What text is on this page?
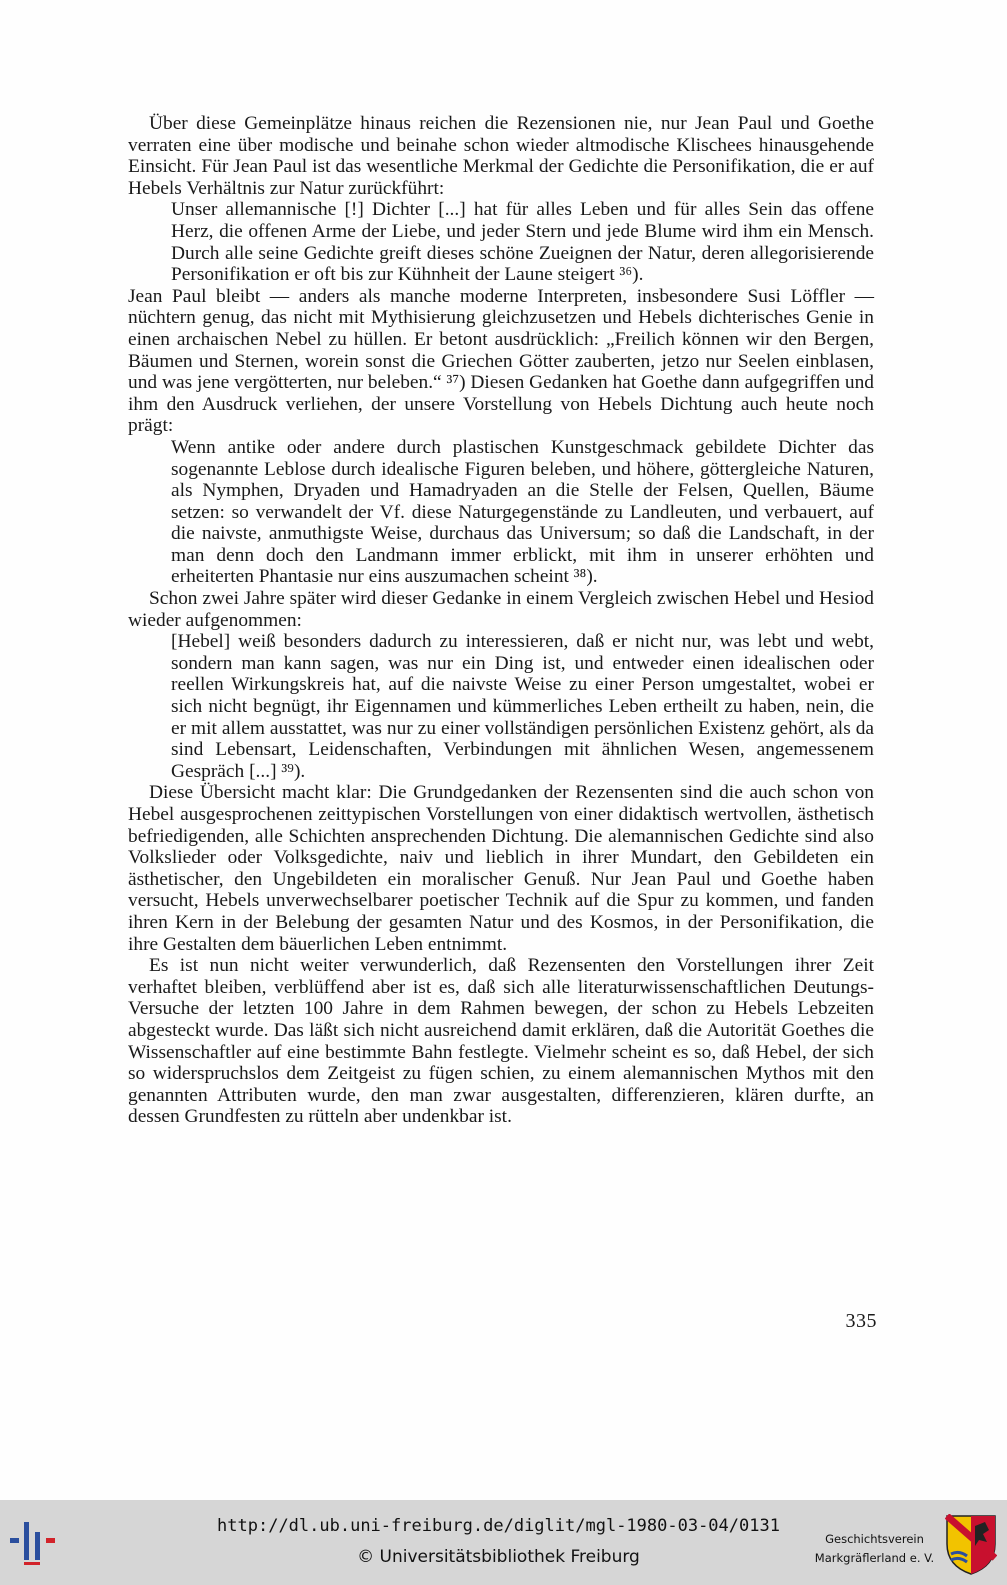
Über diese Gemeinplätze hinaus reichen die Rezensionen nie, nur Jean Paul und Goethe verraten eine über modische und beinahe schon wieder altmodische Klischees hinausgehende Einsicht. Für Jean Paul ist das wesentliche Merkmal der Gedichte die Personifikation, die er auf Hebels Verhältnis zur Natur zurückführt:

Unser allemannische [!] Dichter [...] hat für alles Leben und für alles Sein das offene Herz, die offenen Arme der Liebe, und jeder Stern und jede Blume wird ihm ein Mensch. Durch alle seine Gedichte greift dieses schöne Zueignen der Natur, deren allegorisierende Personifikation er oft bis zur Kühnheit der Laune steigert ³⁶).

Jean Paul bleibt — anders als manche moderne Interpreten, insbesondere Susi Löffler — nüchtern genug, das nicht mit Mythisierung gleichzusetzen und Hebels dichterisches Genie in einen archaischen Nebel zu hüllen. Er betont ausdrücklich: „Freilich können wir den Bergen, Bäumen und Sternen, worein sonst die Griechen Götter zauberten, jetzo nur Seelen einblasen, und was jene vergötterten, nur beleben.“ ³⁷) Diesen Gedanken hat Goethe dann aufgegriffen und ihm den Ausdruck verliehen, der unsere Vorstellung von Hebels Dichtung auch heute noch prägt:

Wenn antike oder andere durch plastischen Kunstgeschmack gebildete Dichter das sogenannte Leblose durch idealische Figuren beleben, und höhere, göttergleiche Naturen, als Nymphen, Dryaden und Hamadryaden an die Stelle der Felsen, Quellen, Bäume setzen: so verwandelt der Vf. diese Naturgegenstände zu Landleuten, und verbauert, auf die naivste, anmuthigste Weise, durchaus das Universum; so daß die Landschaft, in der man denn doch den Landmann immer erblickt, mit ihm in unserer erhöhten und erheiterten Phantasie nur eins auszumachen scheint ³⁸).

Schon zwei Jahre später wird dieser Gedanke in einem Vergleich zwischen Hebel und Hesiod wieder aufgenommen:

[Hebel] weiß besonders dadurch zu interessieren, daß er nicht nur, was lebt und webt, sondern man kann sagen, was nur ein Ding ist, und entweder einen idealischen oder reellen Wirkungskreis hat, auf die naivste Weise zu einer Person umgestaltet, wobei er sich nicht begnügt, ihr Eigennamen und kümmerliches Leben ertheilt zu haben, nein, die er mit allem ausstattet, was nur zu einer vollständigen persönlichen Existenz gehört, als da sind Lebensart, Leidenschaften, Verbindungen mit ähnlichen Wesen, angemessenem Gespräch [...] ³⁹).

Diese Übersicht macht klar: Die Grundgedanken der Rezensenten sind die auch schon von Hebel ausgesprochenen zeittypischen Vorstellungen von einer didaktisch wertvollen, ästhetisch befriedigenden, alle Schichten ansprechenden Dichtung. Die alemannischen Gedichte sind also Volkslieder oder Volksgedichte, naiv und lieblich in ihrer Mundart, den Gebildeten ein ästhetischer, den Ungebildeten ein moralischer Genuß. Nur Jean Paul und Goethe haben versucht, Hebels unverwechselbarer poetischer Technik auf die Spur zu kommen, und fanden ihren Kern in der Belebung der gesamten Natur und des Kosmos, in der Personifikation, die ihre Gestalten dem bäuerlichen Leben entnimmt.

Es ist nun nicht weiter verwunderlich, daß Rezensenten den Vorstellungen ihrer Zeit verhaftet bleiben, verblüffend aber ist es, daß sich alle literaturwissenschaftlichen Deutungs-Versuche der letzten 100 Jahre in dem Rahmen bewegen, der schon zu Hebels Lebzeiten abgesteckt wurde. Das läßt sich nicht ausreichend damit erklären, daß die Autorität Goethes die Wissenschaftler auf eine bestimmte Bahn festlegte. Vielmehr scheint es so, daß Hebel, der sich so widerspruchslos dem Zeitgeist zu fügen schien, zu einem alemannischen Mythos mit den genannten Attributen wurde, den man zwar ausgestalten, differenzieren, klären durfte, an dessen Grundfesten zu rütteln aber undenkbar ist.

335
http://dl.ub.uni-freiburg.de/diglit/mgl-1980-03-04/0131
© Universitätsbibliothek Freiburg
Geschichtsverein
Markgräflerland e. V.
